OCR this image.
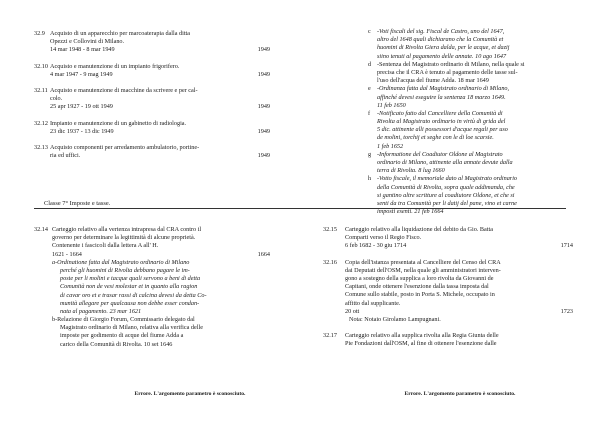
32.9 Acquisto di un apparecchio per marcoaterapia dalla ditta
Opezzi e Collovini di Milano.
14 mar 1948 - 8 mar 1949	1949
32.10 Acquisto e manutenzione di un impianto frigorifero.
4 mar 1947 - 9 mag 1949	1949
32.11 Acquisto e manutenzione di macchine da scrivere e per cal-
colo.
25 apr 1927 - 19 ott 1949	1949
32.12 Impianto e manutenzione di un gabinetto di radiologia.
23 dic 1937 - 13 dic 1949	1949
32.13 Acquisto componenti per arredamento ambulatorio, portine-
ria ed uffici.	1949
c	-Voti fiscali del sig. Fiscal de Castro, uno del 1647,
altro del 1648 quali dichiarano che la Comunità et
huomini di Rivolta Giera dalda, per le acque, et dazij
siino tenuti al pagamento delle annate. 10 ago 1647
d -Sentenza del Magistrato ordinario di Milano, nella quale si
precisa che il CRA è tenuto al pagamento delle tasse sul-
l'uso dell'acqua del fiume Adda. 18 mar 1649
e	-Ordinanza fatta dal Magistrato ordinario di Milano,
affinché devesi eseguire la sentenza 18 marzo 1649.
11 feb 1650
f	-Notificato fatto dal Cancelliere della Comunità di
Rivolta al Magistrato ordinario in virtù di grida del
5 dic. attinente alli possessori d'acque regali per uso
de molini, torchij et seghe con le di loe scarsie.
1 feb 1652
g -Informatione del Coadiutor Oldone al Magistrato
ordinario di Milano, attinente alla annate devute dalla
terra di Rivolta. 8 lug 1660
h -Votto fiscale, il memoriale dato al Magistrato ordinario
della Comunità di Rivolta, sopra quale addimanda, che
si gantino altre scritture al coadiutore Oldone, et che si
senti da tra Comunità per li datij del pane, vino et carne
imposti esenti. 21 feb 1664
Classe 7° Imposte e tasse.
32.14 Carteggio relativo alla vertenza intrapresa dal CRA contro il
governo per determinare la legittimità di alcune proprietà.
Contenente i fascicoli dalla lettera A all' H.
1621 - 1664	1664
a-Ordinatione fatta dal Magistrato ordinario di Milano
perché gli huomini di Rivolta debbano pagare le im-
poste per li molini e tacque quali servono a beni di detta
Comunità non de vesi molestar et in quanto alla ragion
di cavar oro et e trasar rassi di calcina devesi da detta Co-
munità allegare per qualcausa non debbe esser condan-
nata al pagamento. 23 mar 1621
b-Relazione di Giorgio Forum, Commissario delegato dal
Magistrato ordinario di Milano, relativa alla verifica delle
imposte per godimento di acque del fiume Adda a
carico della Comunità di Rivolta. 10 set 1646
32.15	Carteggio relativo alla liquidazione del debito da Gio. Batta
Comparti verso il Regio Fisco.
6 feb 1682 - 30 giu 1714	1714
32.16	Copia dell'istanza presentata al Cancelliere del Censo del CRA
dai Deputati dell'OSM, nella quale gli amministratori interven-
gono a sostegno della supplica a loro rivolta da Giovanni de
Capitani, onde ottenere l'esenzione dalla tassa imposta dal
Comune sullo stabile, posto in Porta S. Michele, occupato in
affitto dal supplicante.
20 ott	1723
Nota: Notaio Girolamo Lampugnani.
32.17	Carteggio relativo alla supplica rivolta alla Regia Giunta delle
Pie Fondazioni dall'OSM, al fine di ottenere l'esenzione dalle
Errore. L'argomento parametro è sconosciuto.	Errore. L'argomento parametro è sconosciuto.
